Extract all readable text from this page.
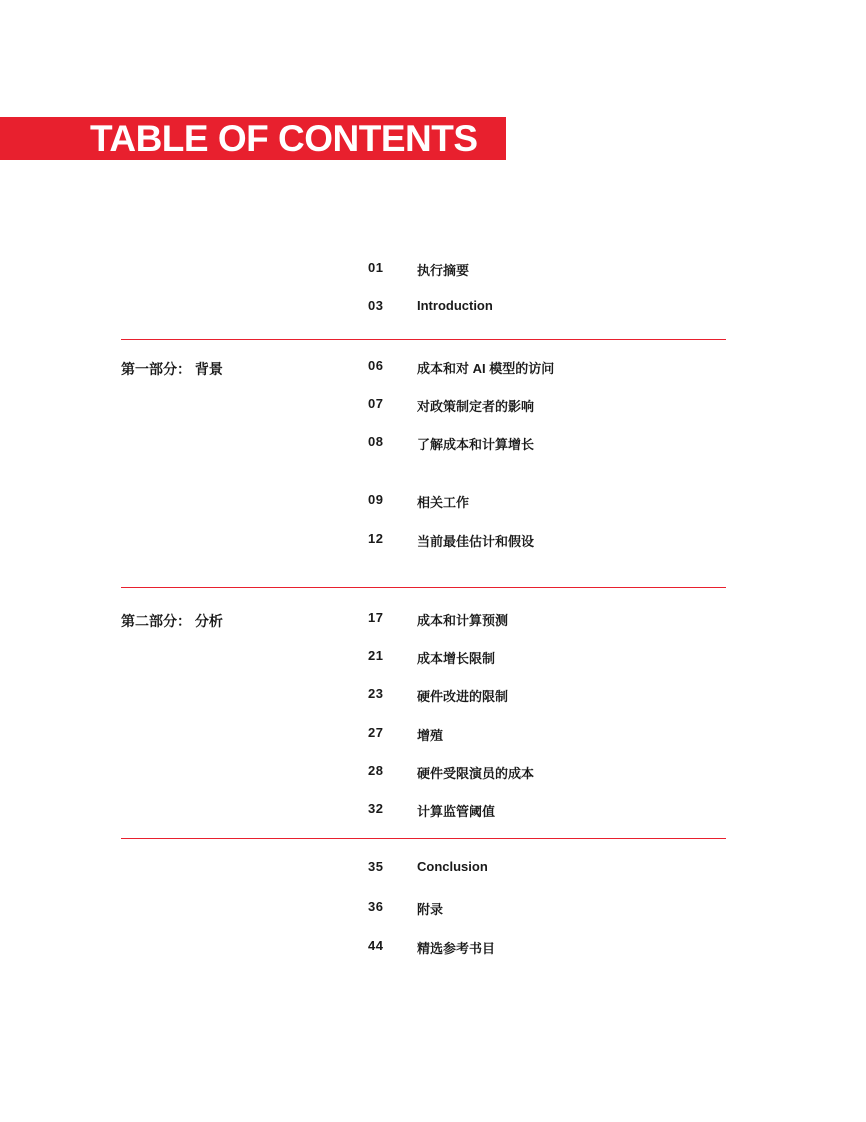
TABLE OF CONTENTS
01	执行摘要
03	Introduction
第一部分： 背景	06	成本和对 AI 模型的访问
07	对政策制定者的影响
08	了解成本和计算增长
09	相关工作
12	当前最佳估计和假设
第二部分： 分析	17	成本和计算预测
21	成本增长限制
23	硬件改进的限制
27	增殖
28	硬件受限演员的成本
32	计算监管阈值
35	Conclusion
36	附录
44	精选参考书目
